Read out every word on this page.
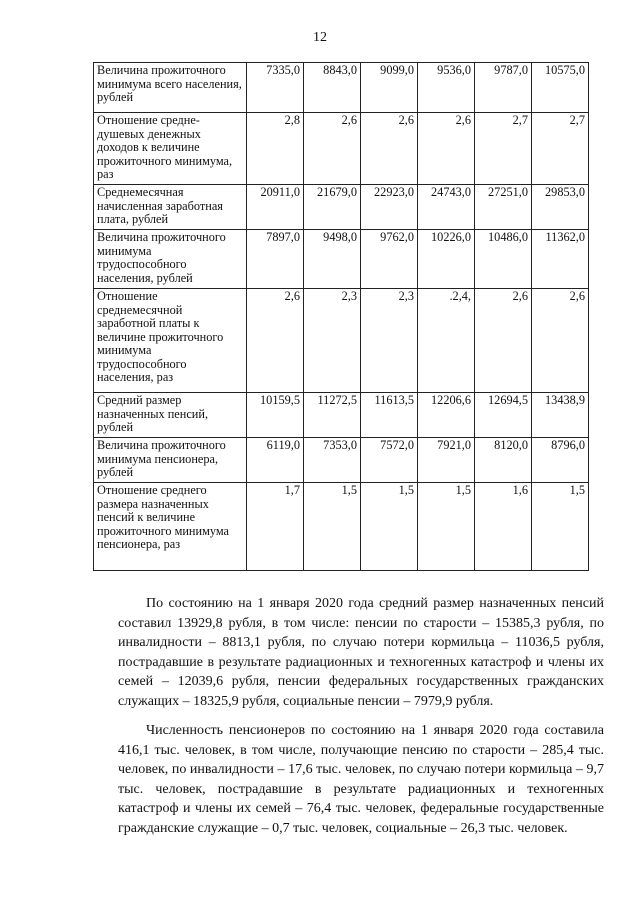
12
Величина прожиточного минимума всего населения, рублей	7335,0	8843,0	9099,0	9536,0	9787,0	10575,0
Отношение средне-душевых денежных доходов к величине прожиточного минимума, раз	2,8	2,6	2,6	2,6	2,7	2,7
Среднемесячная начисленная заработная плата, рублей	20911,0	21679,0	22923,0	24743,0	27251,0	29853,0
Величина прожиточного минимума трудоспособного населения, рублей	7897,0	9498,0	9762,0	10226,0	10486,0	11362,0
Отношение среднемесячной заработной платы к величине прожиточного минимума трудоспособного населения, раз	2,6	2,3	2,3	.2,4,	2,6	2,6
Средний размер назначенных пенсий, рублей	10159,5	11272,5	11613,5	12206,6	12694,5	13438,9
Величина прожиточного минимума пенсионера, рублей	6119,0	7353,0	7572,0	7921,0	8120,0	8796,0
Отношение среднего размера назначенных пенсий к величине прожиточного минимума пенсионера, раз	1,7	1,5	1,5	1,5	1,6	1,5

По состоянию на 1 января 2020 года средний размер назначенных пенсий составил 13929,8 рубля, в том числе: пенсии по старости – 15385,3 рубля, по инвалидности – 8813,1 рубля, по случаю потери кормильца – 11036,5 рубля, пострадавшие в результате радиационных и техногенных катастроф и члены их семей – 12039,6 рубля, пенсии федеральных государственных гражданских служащих – 18325,9 рубля, социальные пенсии – 7979,9 рубля.

Численность пенсионеров по состоянию на 1 января 2020 года составила 416,1 тыс. человек, в том числе, получающие пенсию по старости – 285,4 тыс. человек, по инвалидности – 17,6 тыс. человек, по случаю потери кормильца – 9,7 тыс. человек, пострадавшие в результате радиационных и техногенных катастроф и члены их семей – 76,4 тыс. человек, федеральные государственные гражданские служащие – 0,7 тыс. человек, социальные – 26,3 тыс. человек.
